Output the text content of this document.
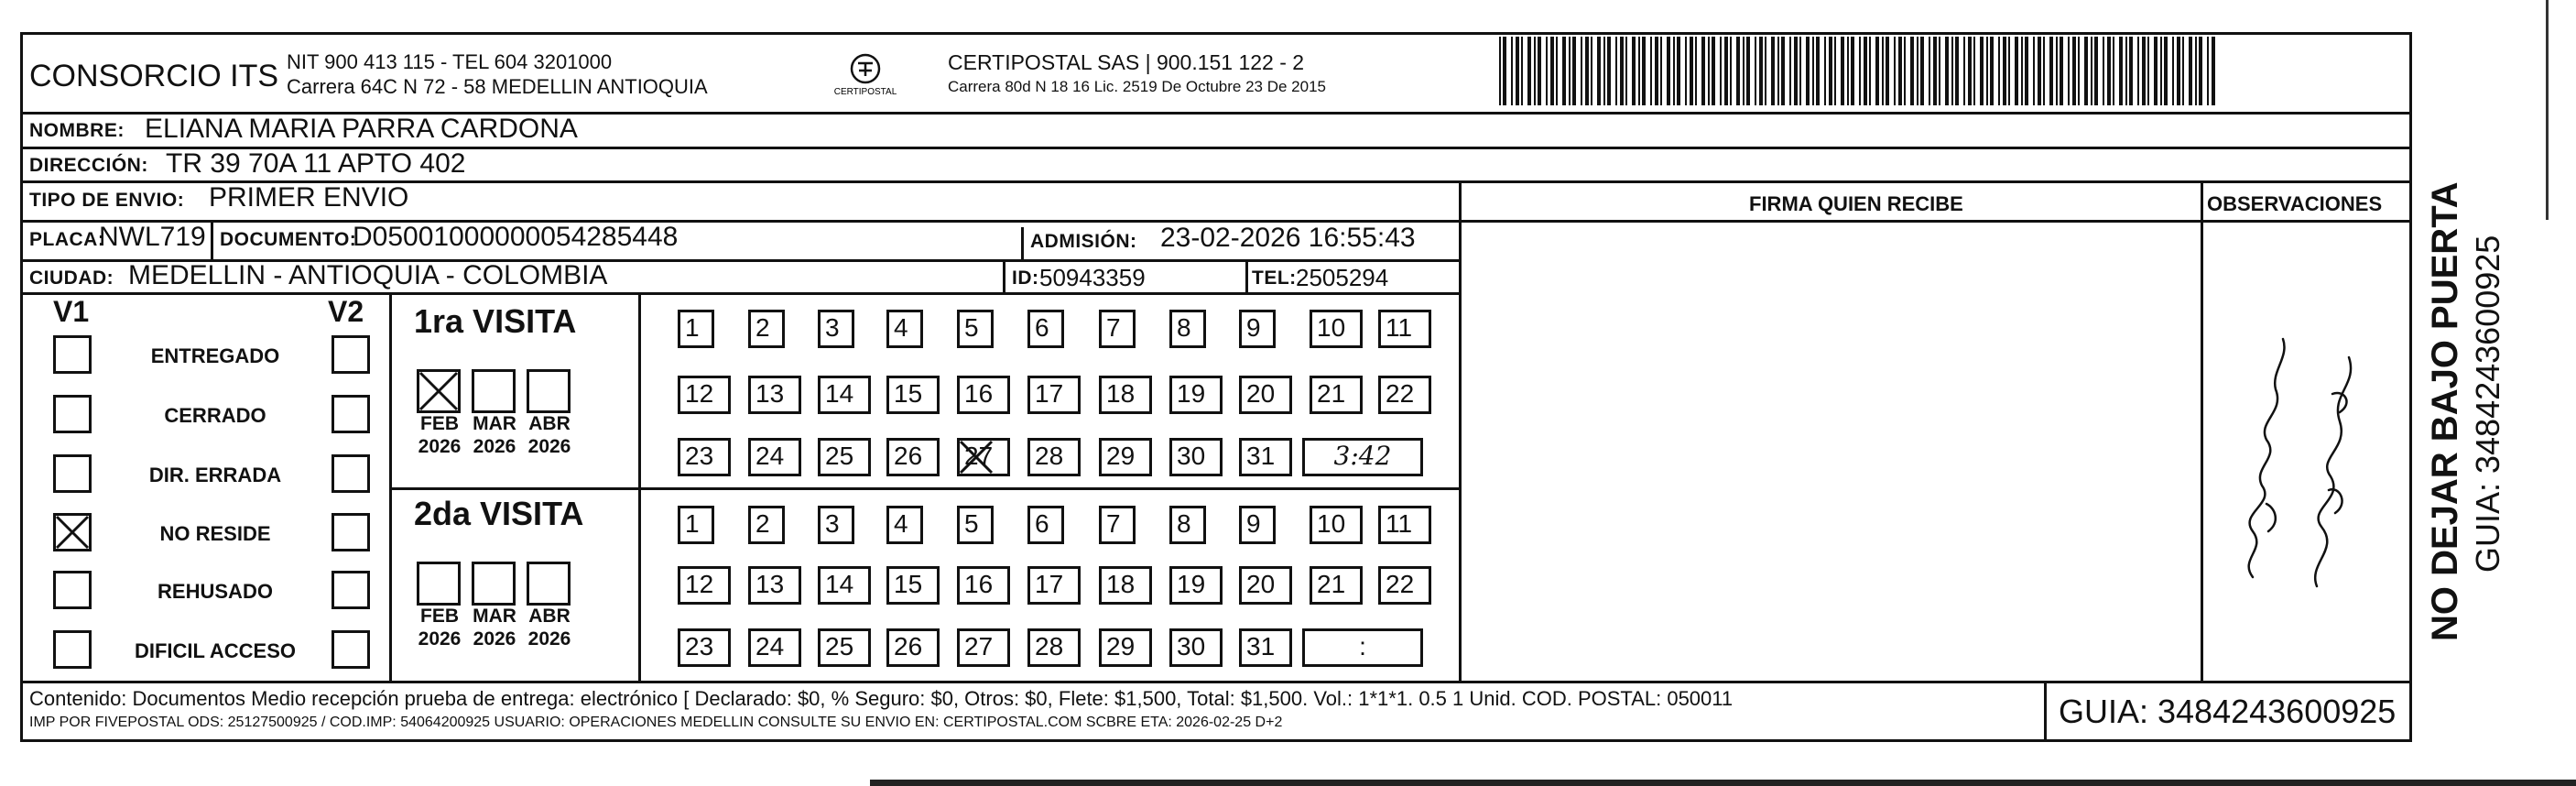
CONSORCIO ITS NIT 900 413 115 - TEL 604 3201000
Carrera 64C N 72 - 58 MEDELLIN ANTIOQUIA	CERTIPOSTAL
CERTIPOSTAL SAS | 900.151 122 - 2
Carrera 80d N 18 16 Lic. 2519 De Octubre 23 De 2015
NOMBRE: ELIANA MARIA PARRA CARDONA
DIRECCIÓN: TR 39 70A 11 APTO 402
TIPO DE ENVIO: PRIMER ENVIO	FIRMA QUIEN RECIBE	OBSERVACIONES
PLACA:
NWL719 DOCUMENTO:
D05001000000054285448	ADMISIÓN: 23-02-2026 16:55:43
CIUDAD: MEDELLIN - ANTIOQUIA - COLOMBIA	ID: 50943359	TEL: 2505294
V1	V2
ENTREGADO
CERRADO
DIR. ERRADA
NO RESIDE
REHUSADO
DIFICIL ACCESO
1ra VISITA
2da VISITA
FEB
2026
MAR
2026
ABR
2026
FEB
2026
MAR
2026
ABR
2026
1	2	3	4	5	6	7	8	9	10	11
12	13	14	15	16	17	18	19	20	21	22
23	24	25	26	27	28	29	30	31	3:42
1	2	3	4	5	6	7	8	9	10	11
12	13	14	15	16	17	18	19	20	21	22
23	24	25	26	27	28	29	30	31	:
Contenido: Documentos Medio recepción prueba de entrega: electrónico [ Declarado: $0, % Seguro: $0, Otros: $0, Flete: $1,500, Total: $1,500. Vol.: 1*1*1. 0.5 1 Unid. COD. POSTAL: 050011
IMP POR FIVEPOSTAL ODS: 25127500925 / COD.IMP: 54064200925 USUARIO: OPERACIONES MEDELLIN CONSULTE SU ENVIO EN: CERTIPOSTAL.COM SCBRE ETA: 2026-02-25 D+2	GUIA: 3484243600925
NO DEJAR BAJO PUERTA GUIA: 3484243600925
